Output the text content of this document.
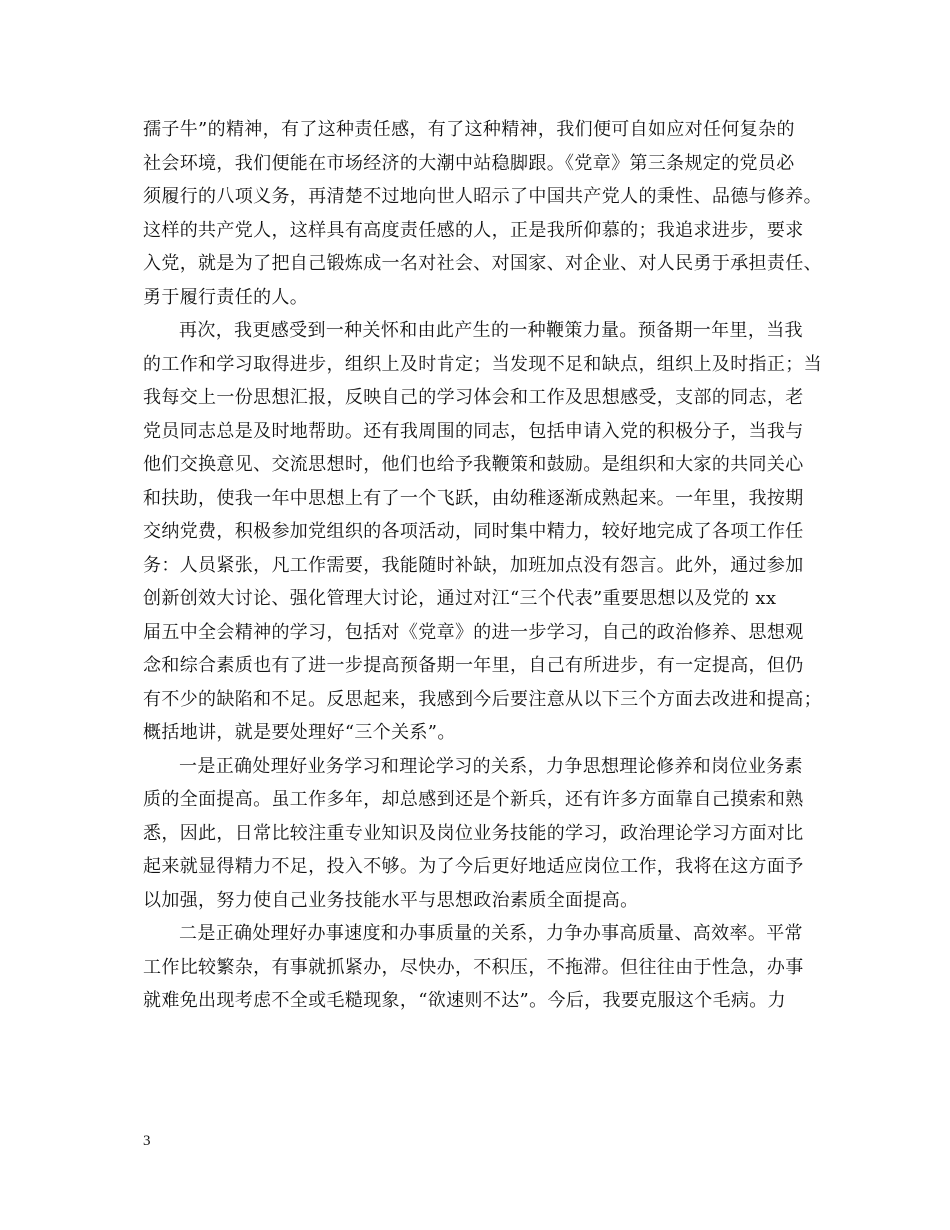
孺子牛”的精神，有了这种责任感，有了这种精神，我们便可自如应对任何复杂的
社会环境，我们便能在市场经济的大潮中站稳脚跟。《党章》第三条规定的党员必
须履行的八项义务，再清楚不过地向世人昭示了中国共产党人的秉性、品德与修养。
这样的共产党人，这样具有高度责任感的人，正是我所仰慕的；我追求进步，要求
入党，就是为了把自己锻炼成一名对社会、对国家、对企业、对人民勇于承担责任、
勇于履行责任的人。
再次，我更感受到一种关怀和由此产生的一种鞭策力量。预备期一年里，当我
的工作和学习取得进步，组织上及时肯定；当发现不足和缺点，组织上及时指正；当
我每交上一份思想汇报，反映自己的学习体会和工作及思想感受，支部的同志，老
党员同志总是及时地帮助。还有我周围的同志，包括申请入党的积极分子，当我与
他们交换意见、交流思想时，他们也给予我鞭策和鼓励。是组织和大家的共同关心
和扶助，使我一年中思想上有了一个飞跃，由幼稚逐渐成熟起来。一年里，我按期
交纳党费，积极参加党组织的各项活动，同时集中精力，较好地完成了各项工作任
务：人员紧张，凡工作需要，我能随时补缺，加班加点没有怨言。此外，通过参加
创新创效大讨论、强化管理大讨论，通过对江“三个代表”重要思想以及党的 xx
届五中全会精神的学习，包括对《党章》的进一步学习，自己的政治修养、思想观
念和综合素质也有了进一步提高预备期一年里，自己有所进步，有一定提高，但仍
有不少的缺陷和不足。反思起来，我感到今后要注意从以下三个方面去改进和提高；
概括地讲，就是要处理好“三个关系”。
一是正确处理好业务学习和理论学习的关系，力争思想理论修养和岗位业务素
质的全面提高。虽工作多年，却总感到还是个新兵，还有许多方面靠自己摸索和熟
悉，因此，日常比较注重专业知识及岗位业务技能的学习，政治理论学习方面对比
起来就显得精力不足，投入不够。为了今后更好地适应岗位工作，我将在这方面予
以加强，努力使自己业务技能水平与思想政治素质全面提高。
二是正确处理好办事速度和办事质量的关系，力争办事高质量、高效率。平常
工作比较繁杂，有事就抓紧办，尽快办，不积压，不拖滞。但往往由于性急，办事
就难免出现考虑不全或毛糙现象，“欲速则不达”。今后，我要克服这个毛病。力
3
